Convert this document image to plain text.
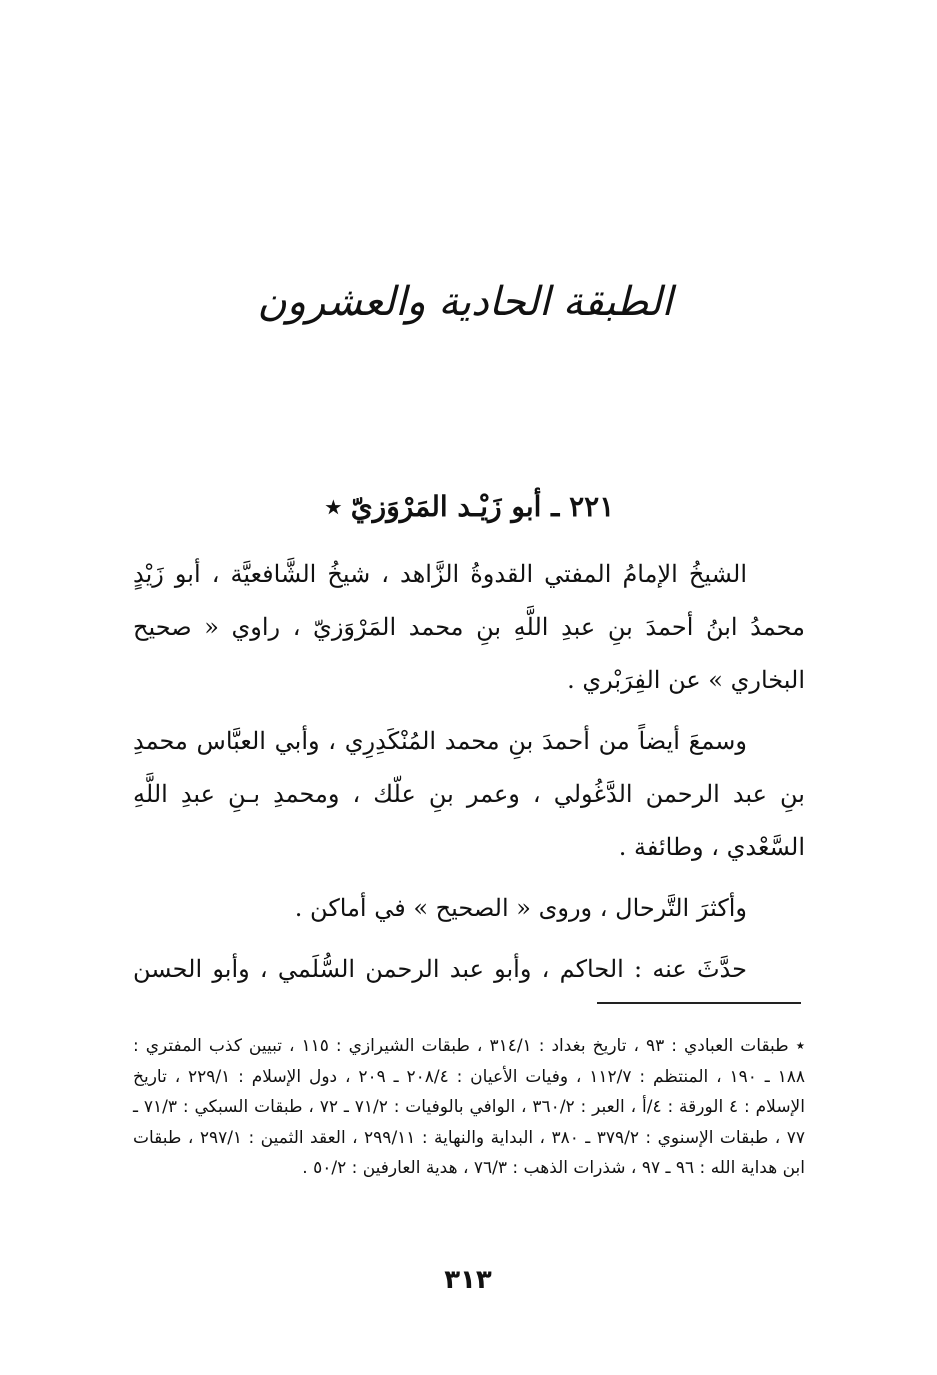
الطبقة الحادية والعشرون
٢٢١ ـ أبو زَيْـد المَرْوَزيّ ٭

الشيخُ الإمامُ المفتي القدوةُ الزَّاهد ، شيخُ الشَّافعيَّة ، أبو زَيْدٍ محمدُ ابنُ أحمدَ بنِ عبدِ اللَّهِ بنِ محمد المَرْوَزيّ ، راوي « صحيح البخاري » عن الفِرَبْري .

وسمعَ أيضاً من أحمدَ بنِ محمد المُنْكَدِرِي ، وأبي العبَّاس محمدِ بنِ عبد الرحمن الدَّغُولي ، وعمر بنِ علّك ، ومحمدِ بـنِ عبدِ اللَّهِ السَّعْدي ، وطائفة .

وأكثرَ التَّرحال ، وروى « الصحيح » في أماكن .

حدَّثَ عنه : الحاكم ، وأبو عبد الرحمن السُّلَمي ، وأبو الحسن

٭ طبقات العبادي : ٩٣ ، تاريخ بغداد : ٣١٤/١ ، طبقات الشيرازي : ١١٥ ، تبيين كذب المفتري : ١٨٨ ـ ١٩٠ ، المنتظم : ١١٢/٧ ، وفيات الأعيان : ٢٠٨/٤ ـ ٢٠٩ ، دول الإسلام : ٢٢٩/١ ، تاريخ الإسلام : ٤ الورقة : ٤/أ ، العبر : ٣٦٠/٢ ، الوافي بالوفيات : ٧١/٢ ـ ٧٢ ، طبقات السبكي : ٧١/٣ ـ ٧٧ ، طبقات الإسنوي : ٣٧٩/٢ ـ ٣٨٠ ، البداية والنهاية : ٢٩٩/١١ ، العقد الثمين : ٢٩٧/١ ، طبقات ابن هداية الله : ٩٦ ـ ٩٧ ، شذرات الذهب : ٧٦/٣ ، هدية العارفين : ٥٠/٢ .
٣١٣
